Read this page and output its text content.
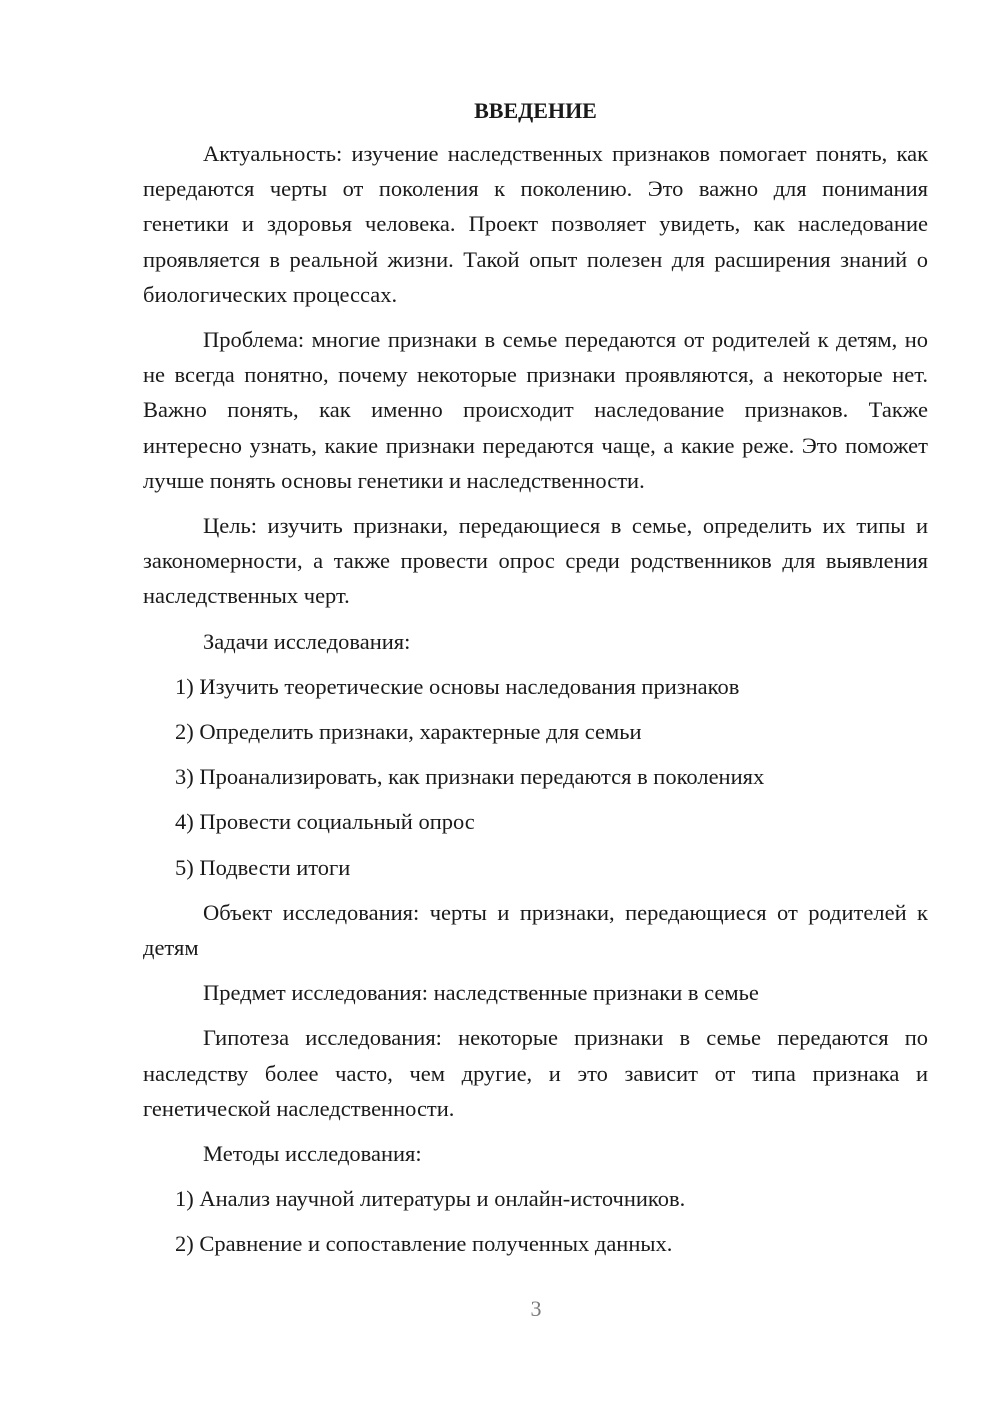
ВВЕДЕНИЕ

Актуальность: изучение наследственных признаков помогает понять, как передаются черты от поколения к поколению. Это важно для понимания генетики и здоровья человека. Проект позволяет увидеть, как наследование проявляется в реальной жизни. Такой опыт полезен для расширения знаний о биологических процессах.

Проблема: многие признаки в семье передаются от родителей к детям, но не всегда понятно, почему некоторые признаки проявляются, а некоторые нет. Важно понять, как именно происходит наследование признаков. Также интересно узнать, какие признаки передаются чаще, а какие реже. Это поможет лучше понять основы генетики и наследственности.

Цель: изучить признаки, передающиеся в семье, определить их типы и закономерности, а также провести опрос среди родственников для выявления наследственных черт.

Задачи исследования:

1) Изучить теоретические основы наследования признаков
2) Определить признаки, характерные для семьи
3) Проанализировать, как признаки передаются в поколениях
4) Провести социальный опрос
5) Подвести итоги

Объект исследования: черты и признаки, передающиеся от родителей к детям

Предмет исследования: наследственные признаки в семье

Гипотеза исследования: некоторые признаки в семье передаются по наследству более часто, чем другие, и это зависит от типа признака и генетической наследственности.

Методы исследования:

1) Анализ научной литературы и онлайн-источников.
2) Сравнение и сопоставление полученных данных.
3
